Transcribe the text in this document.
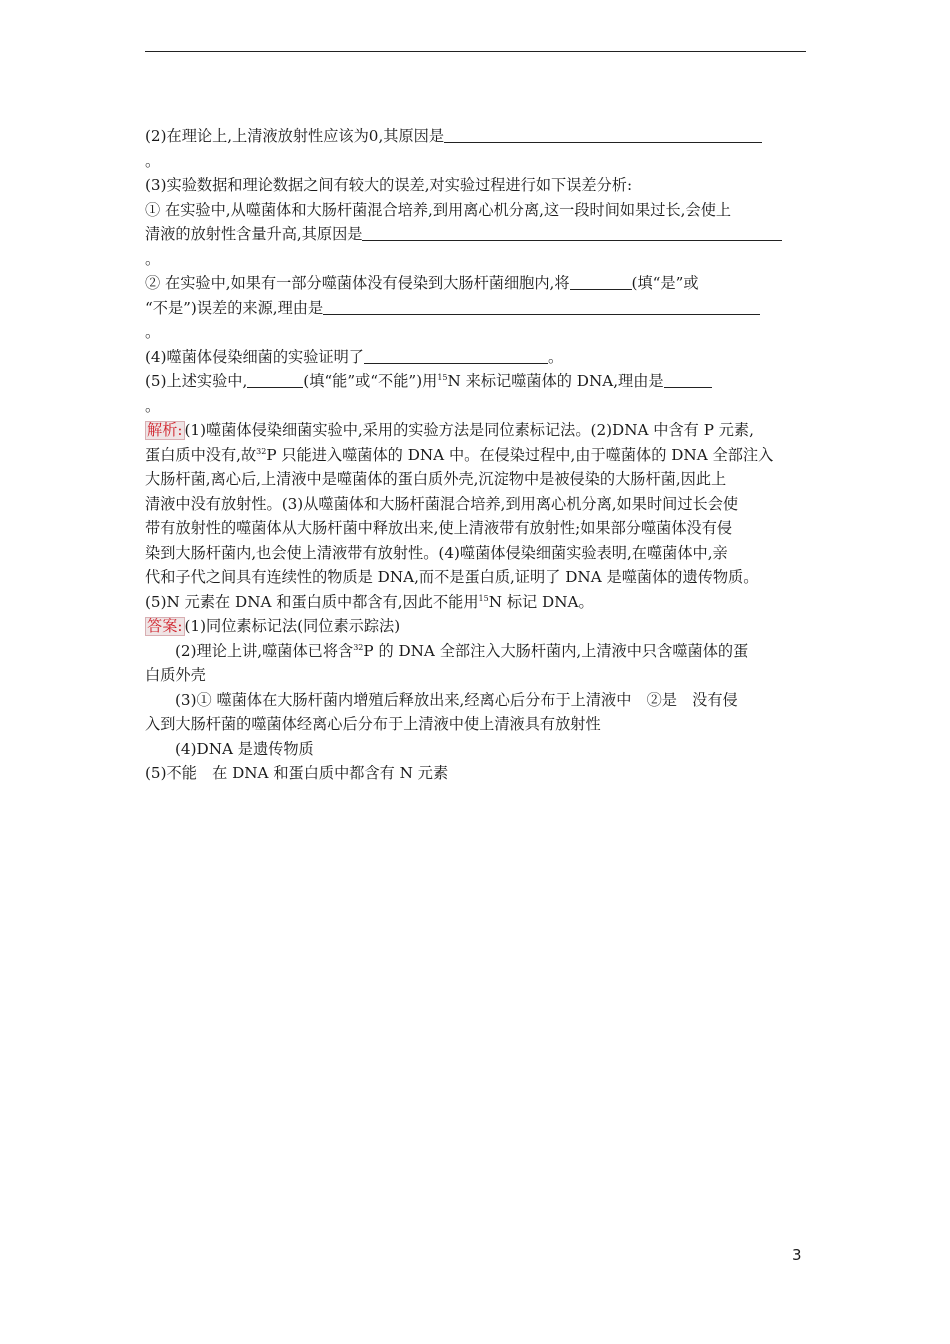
(2)在理论上,上清液放射性应该为0,其原因是

。

(3)实验数据和理论数据之间有较大的误差,对实验过程进行如下误差分析:

① 在实验中,从噬菌体和大肠杆菌混合培养,到用离心机分离,这一段时间如果过长,会使上

清液的放射性含量升高,其原因是

。

② 在实验中,如果有一部分噬菌体没有侵染到大肠杆菌细胞内,将	(填“是”或

“不是”)误差的来源,理由是

。

(4)噬菌体侵染细菌的实验证明了	。

(5)上述实验中,	(填“能”或“不能”)用$^{15}$N 来标记噬菌体的 DNA,理由是

。

解析: (1)噬菌体侵染细菌实验中,采用的实验方法是同位素标记法。(2)DNA 中含有 P 元素,

蛋白质中没有,故$^{32}$P 只能进入噬菌体的 DNA 中。在侵染过程中,由于噬菌体的 DNA 全部注入

大肠杆菌,离心后,上清液中是噬菌体的蛋白质外壳,沉淀物中是被侵染的大肠杆菌,因此上

清液中没有放射性。(3)从噬菌体和大肠杆菌混合培养,到用离心机分离,如果时间过长会使

带有放射性的噬菌体从大肠杆菌中释放出来,使上清液带有放射性;如果部分噬菌体没有侵

染到大肠杆菌内,也会使上清液带有放射性。(4)噬菌体侵染细菌实验表明,在噬菌体中,亲

代和子代之间具有连续性的物质是 DNA,而不是蛋白质,证明了 DNA 是噬菌体的遗传物质。

(5)N 元素在 DNA 和蛋白质中都含有,因此不能用$^{15}$N 标记 DNA。

答案: (1)同位素标记法(同位素示踪法)

(2)理论上讲,噬菌体已将含$^{32}$P 的 DNA 全部注入大肠杆菌内,上清液中只含噬菌体的蛋

白质外壳

(3)① 噬菌体在大肠杆菌内增殖后释放出来,经离心后分布于上清液中　②是　没有侵

入到大肠杆菌的噬菌体经离心后分布于上清液中使上清液具有放射性

(4)DNA 是遗传物质

(5)不能　在 DNA 和蛋白质中都含有 N 元素

3
